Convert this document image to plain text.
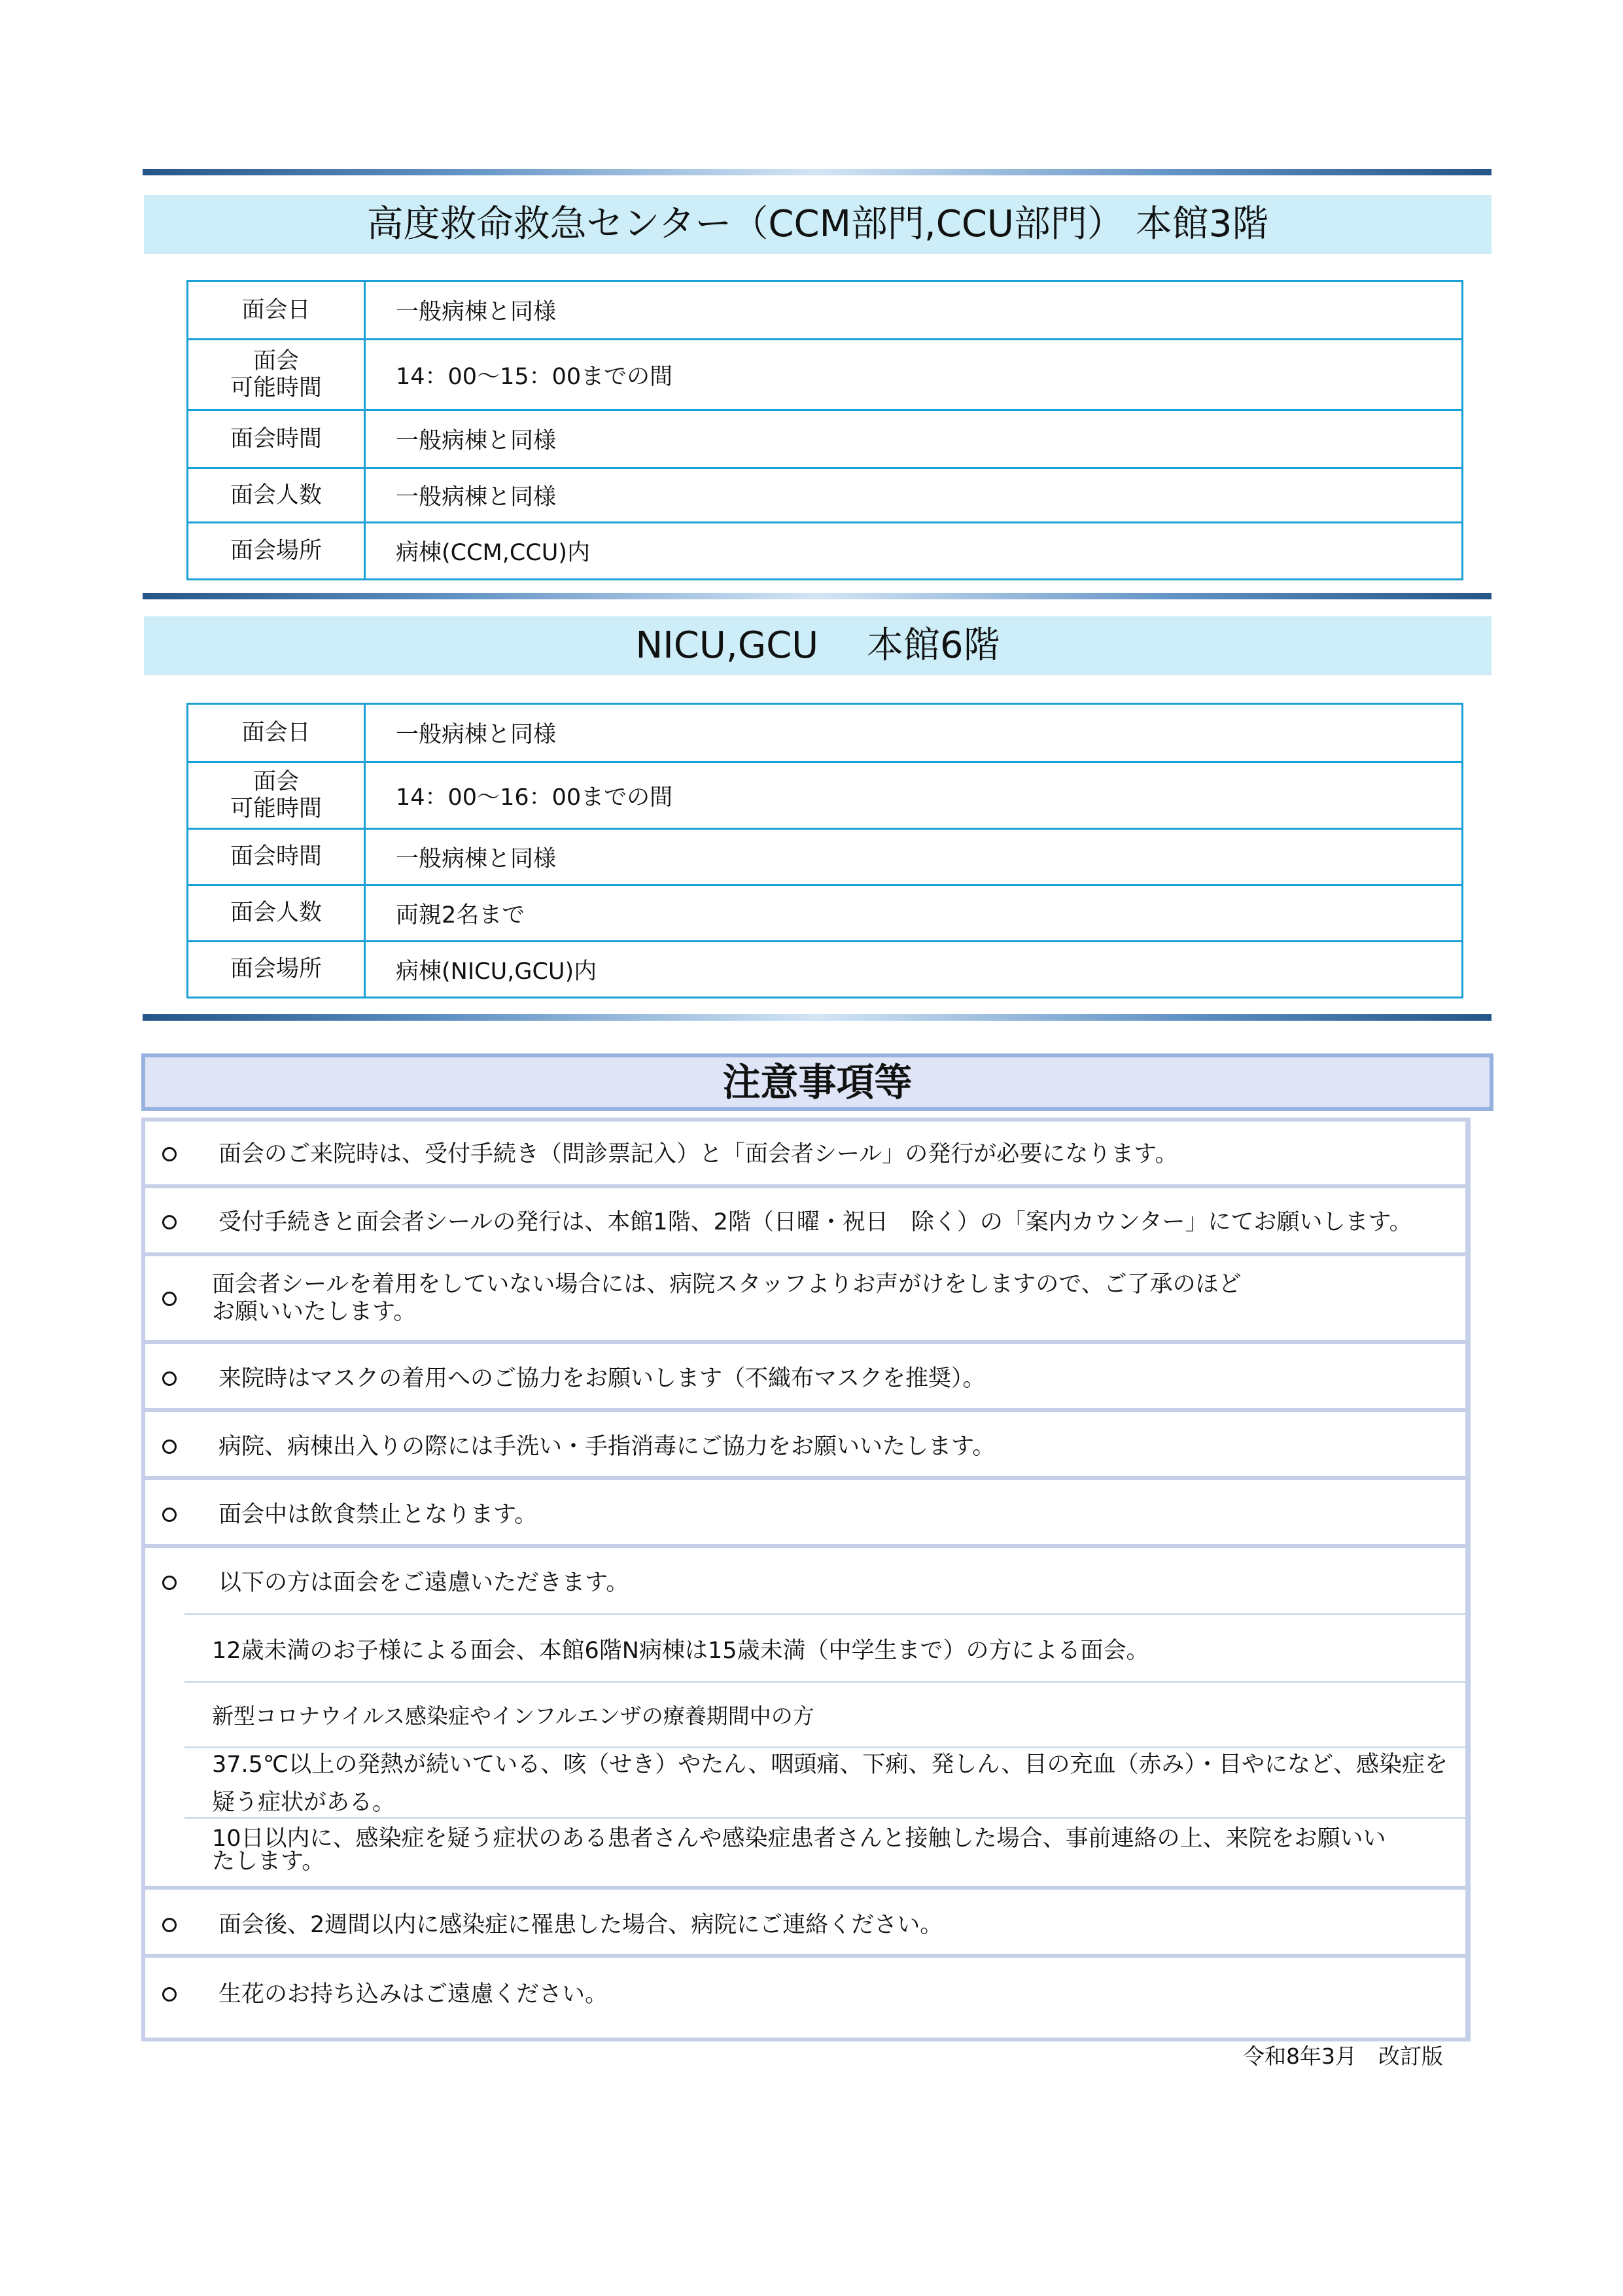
高度救命救急センター（CCM部門,CCU部門） 本館3階
面会日	一般病棟と同様
面会
可能時間	14：00～15：00までの間
面会時間	一般病棟と同様
面会人数	一般病棟と同様
面会場所	病棟(CCM,CCU)内
NICU,GCU　 本館6階
面会日	一般病棟と同様
面会
可能時間	14：00～16：00までの間
面会時間	一般病棟と同様
面会人数	両親2名まで
面会場所	病棟(NICU,GCU)内
注意事項等
面会のご来院時は、受付手続き（問診票記入）と「面会者シール」の発行が必要になります。
受付手続きと面会者シールの発行は、本館1階、2階（日曜・祝日　除く）の「案内カウンター」にてお願いします。
面会者シールを着用をしていない場合には、病院スタッフよりお声がけをしますので、ご了承のほど
お願いいたします。
来院時はマスクの着用へのご協力をお願いします（不織布マスクを推奨）。
病院、病棟出入りの際には手洗い・手指消毒にご協力をお願いいたします。
面会中は飲食禁止となります。
以下の方は面会をご遠慮いただきます。
12歳未満のお子様による面会、本館6階N病棟は15歳未満（中学生まで）の方による面会。
新型コロナウイルス感染症やインフルエンザの療養期間中の方
37.5℃以上の発熱が続いている、咳（せき）やたん、咽頭痛、下痢、発しん、目の充血（赤み）・目やになど、感染症を
疑う症状がある。
10日以内に、感染症を疑う症状のある患者さんや感染症患者さんと接触した場合、事前連絡の上、来院をお願いい
たします。
面会後、2週間以内に感染症に罹患した場合、病院にご連絡ください。
生花のお持ち込みはご遠慮ください。
令和8年3月　改訂版
